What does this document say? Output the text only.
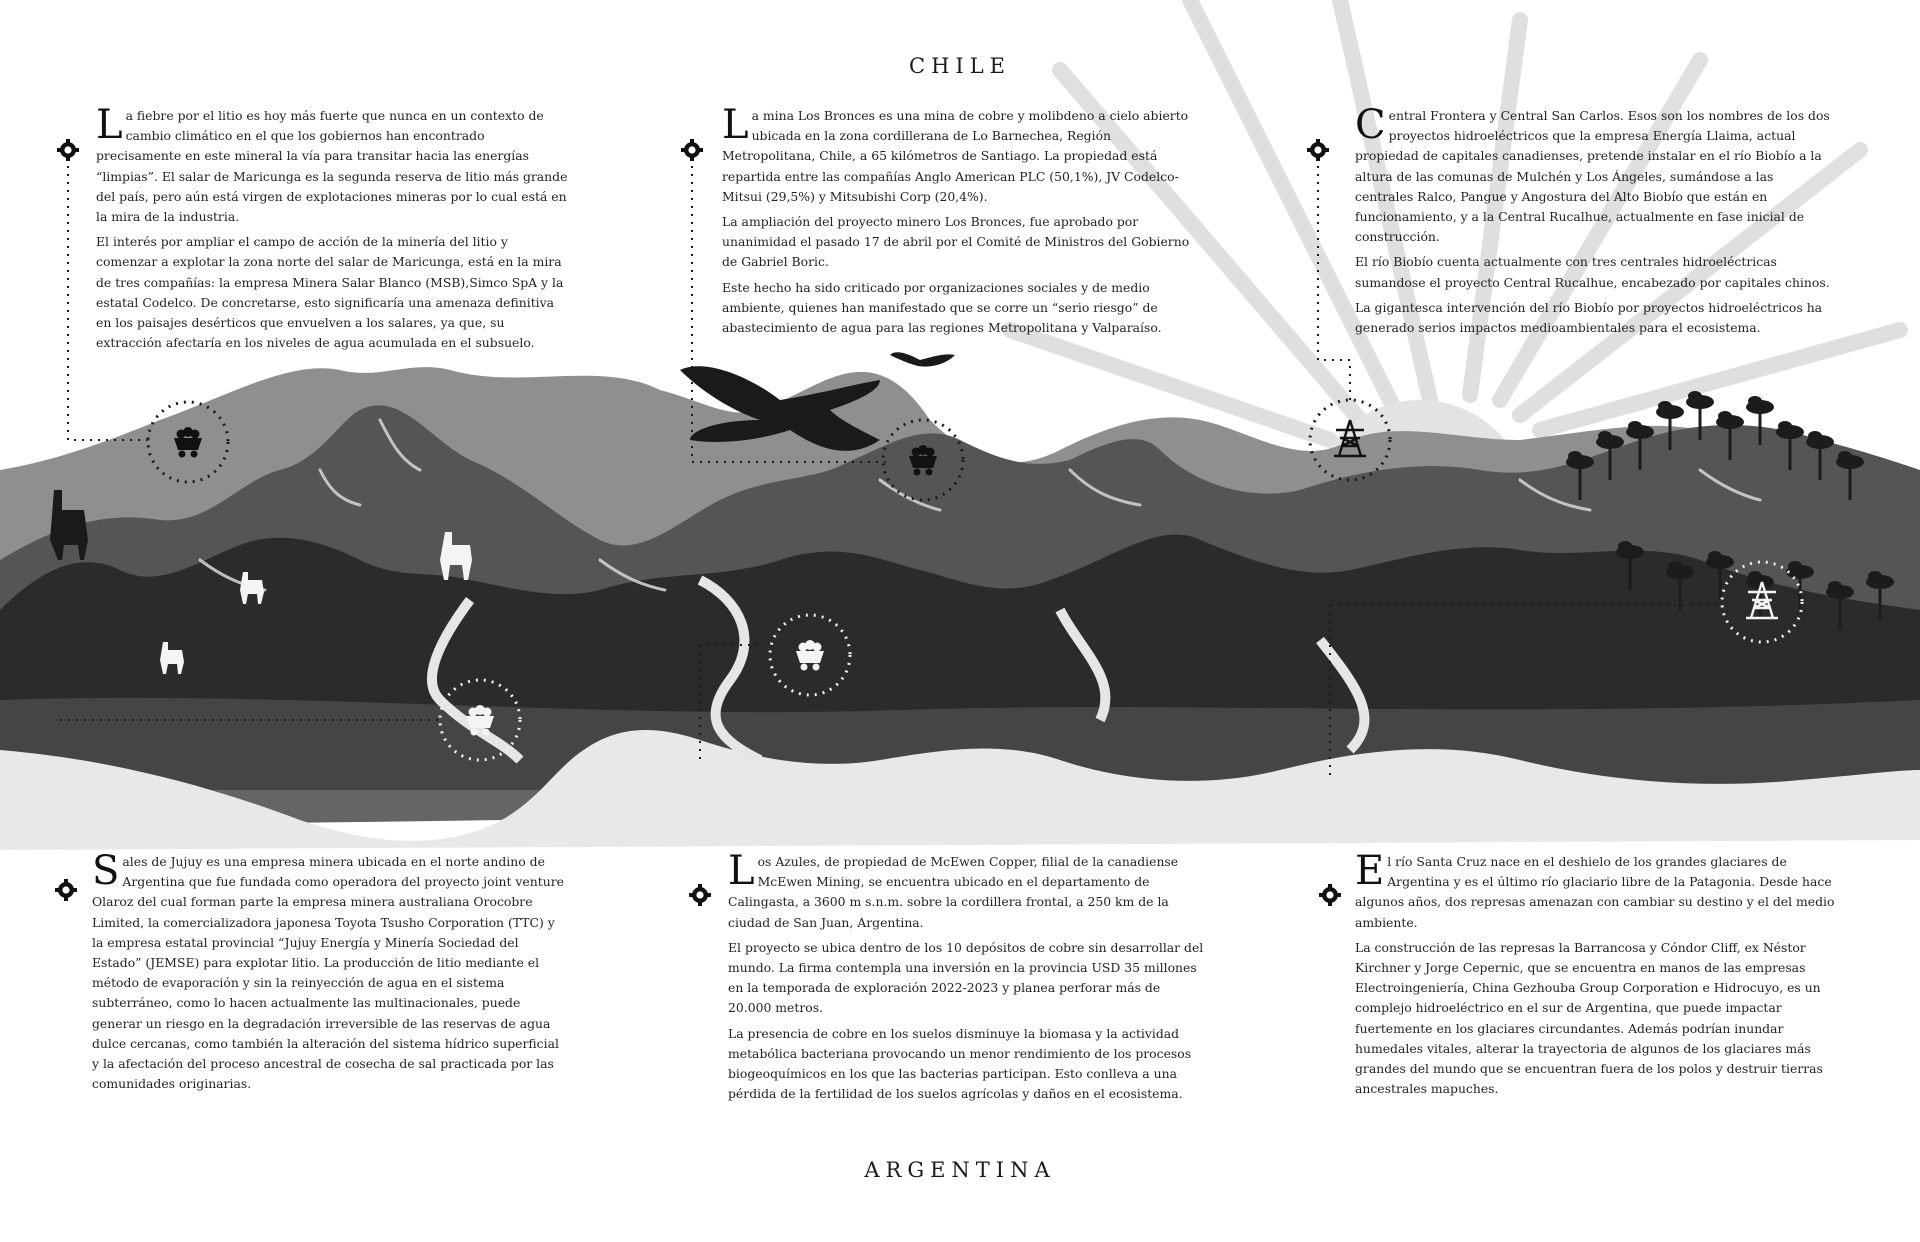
CHILE

La fiebre por el litio es hoy más fuerte que nunca en un contexto de cambio climático en el que los gobiernos han encontrado precisamente en este mineral la vía para transitar hacia las energías “limpias”. El salar de Maricunga es la segunda reserva de litio más grande del país, pero aún está virgen de explotaciones mineras por lo cual está en la mira de la industria.

El interés por ampliar el campo de acción de la minería del litio y comenzar a explotar la zona norte del salar de Maricunga, está en la mira de tres compañías: la empresa Minera Salar Blanco (MSB),Simco SpA y la estatal Codelco. De concretarse, esto significaría una amenaza definitiva en los paisajes desérticos que envuelven a los salares, ya que, su extracción afectaría en los niveles de agua acumulada en el subsuelo.

La mina Los Bronces es una mina de cobre y molibdeno a cielo abierto ubicada en la zona cordillerana de Lo Barnechea, Región Metropolitana, Chile, a 65 kilómetros de Santiago. La propiedad está repartida entre las compañías Anglo American PLC (50,1%), JV Codelco-Mitsui (29,5%) y Mitsubishi Corp (20,4%).

La ampliación del proyecto minero Los Bronces, fue aprobado por unanimidad el pasado 17 de abril por el Comité de Ministros del Gobierno de Gabriel Boric.

Este hecho ha sido criticado por organizaciones sociales y de medio ambiente, quienes han manifestado que se corre un “serio riesgo” de abastecimiento de agua para las regiones Metropolitana y Valparaíso.

Central Frontera y Central San Carlos. Esos son los nombres de los dos proyectos hidroeléctricos que la empresa Energía Llaima, actual propiedad de capitales canadienses, pretende instalar en el río Biobío a la altura de las comunas de Mulchén y Los Ángeles, sumándose a las centrales Ralco, Pangue y Angostura del Alto Biobío que están en funcionamiento, y a la Central Rucalhue, actualmente en fase inicial de construcción.

El río Biobío cuenta actualmente con tres centrales hidroeléctricas sumandose el proyecto Central Rucalhue, encabezado por capitales chinos.

La gigantesca intervención del río Biobío por proyectos hidroeléctricos ha generado serios impactos medioambientales para el ecosistema.

Sales de Jujuy es una empresa minera ubicada en el norte andino de Argentina que fue fundada como operadora del proyecto joint venture Olaroz del cual forman parte la empresa minera australiana Orocobre Limited, la comercializadora japonesa Toyota Tsusho Corporation (TTC) y la empresa estatal provincial “Jujuy Energía y Minería Sociedad del Estado” (JEMSE) para explotar litio. La producción de litio mediante el método de evaporación y sin la reinyección de agua en el sistema subterráneo, como lo hacen actualmente las multinacionales, puede generar un riesgo en la degradación irreversible de las reservas de agua dulce cercanas, como también la alteración del sistema hídrico superficial y la afectación del proceso ancestral de cosecha de sal practicada por las comunidades originarias.

Los Azules, de propiedad de McEwen Copper, filial de la canadiense McEwen Mining, se encuentra ubicado en el departamento de Calingasta, a 3600 m s.n.m. sobre la cordillera frontal, a 250 km de la ciudad de San Juan, Argentina.

El proyecto se ubica dentro de los 10 depósitos de cobre sin desarrollar del mundo. La firma contempla una inversión en la provincia USD 35 millones en la temporada de exploración 2022-2023 y planea perforar más de 20.000 metros.

La presencia de cobre en los suelos disminuye la biomasa y la actividad metabólica bacteriana provocando un menor rendimiento de los procesos biogeoquímicos en los que las bacterias participan. Esto conlleva a una pérdida de la fertilidad de los suelos agrícolas y daños en el ecosistema.

El río Santa Cruz nace en el deshielo de los grandes glaciares de Argentina y es el último río glaciario libre de la Patagonia. Desde hace algunos años, dos represas amenazan con cambiar su destino y el del medio ambiente.

La construcción de las represas la Barrancosa y Cóndor Cliff, ex Néstor Kirchner y Jorge Cepernic, que se encuentra en manos de las empresas Electroingeniería, China Gezhouba Group Corporation e Hidrocuyo, es un complejo hidroeléctrico en el sur de Argentina, que puede impactar fuertemente en los glaciares circundantes. Además podrían inundar humedales vitales, alterar la trayectoria de algunos de los glaciares más grandes del mundo que se encuentran fuera de los polos y destruir tierras ancestrales mapuches.

ARGENTINA
